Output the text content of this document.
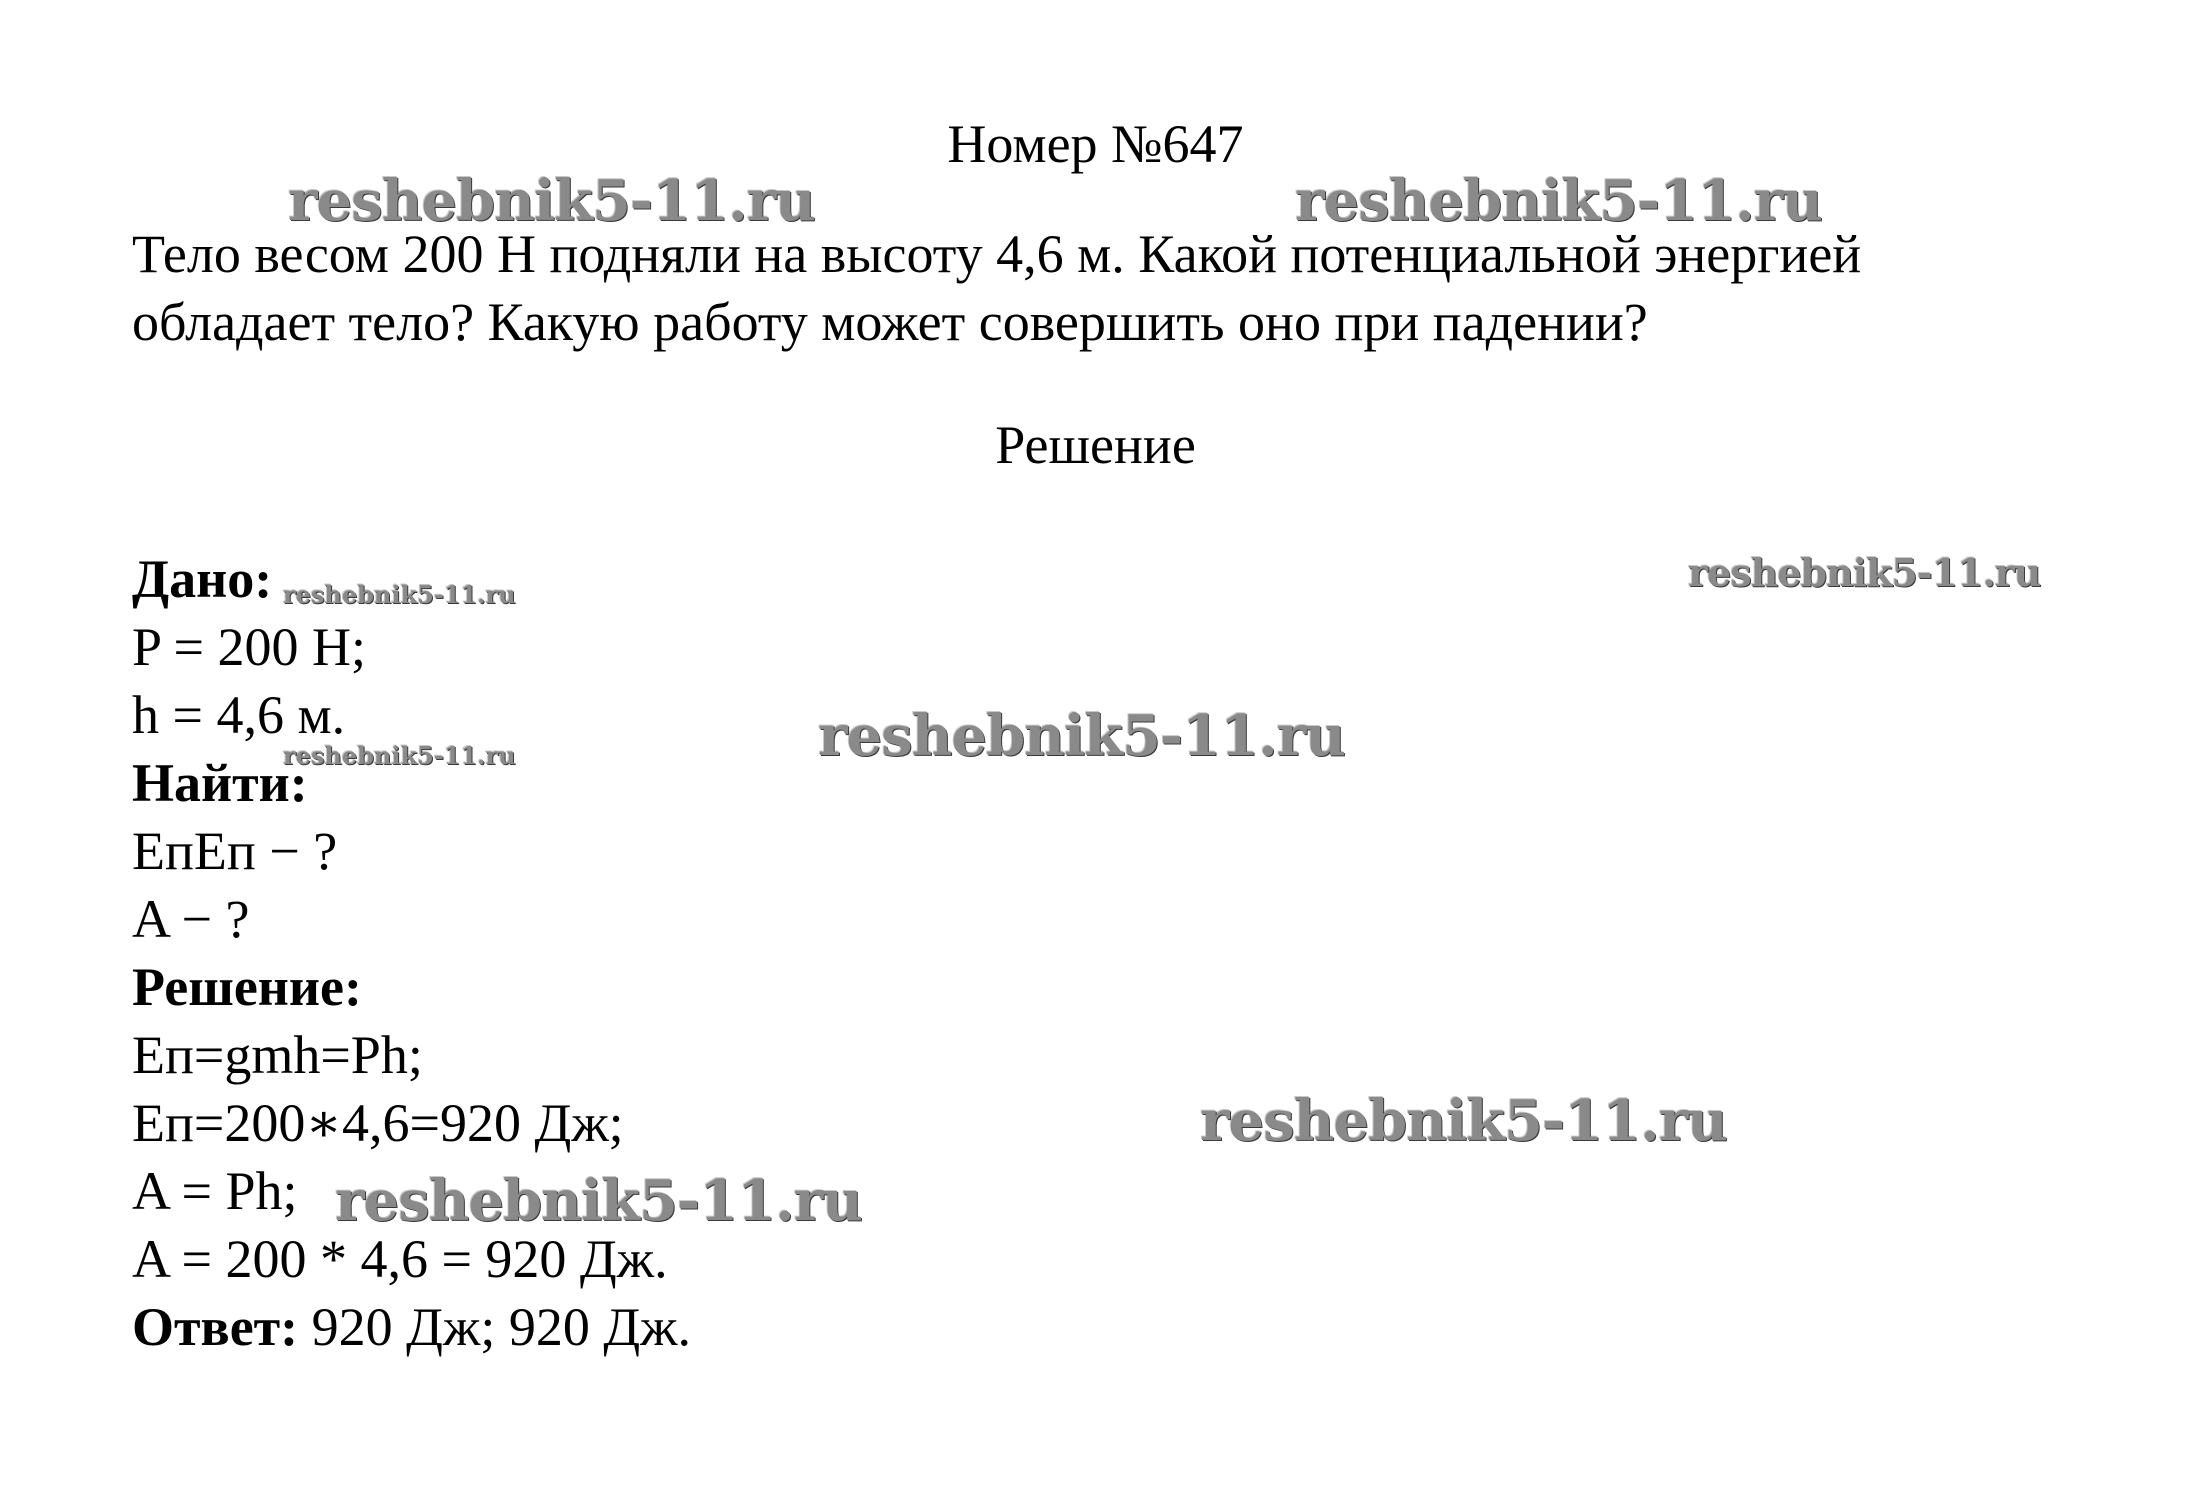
Номер №647
Тело весом 200 Н подняли на высоту 4,6 м. Какой потенциальной энергией
обладает тело? Какую работу может совершить оно при падении?
Решение
Дано:
P = 200 Н;
h = 4,6 м.
Найти:
EпEп − ?
A − ?
Решение:
Eп=gmh=Ph;
Eп=200∗4,6=920 Дж;
A = Ph;
A = 200 * 4,6 = 920 Дж.
Ответ: 920 Дж; 920 Дж.
reshebnik5-11.ru	reshebnik5-11.ru
reshebnik5-11.ru
reshebnik5-11.ru
reshebnik5-11.ru
reshebnik5-11.ru
reshebnik5-11.ru
reshebnik5-11.ru
